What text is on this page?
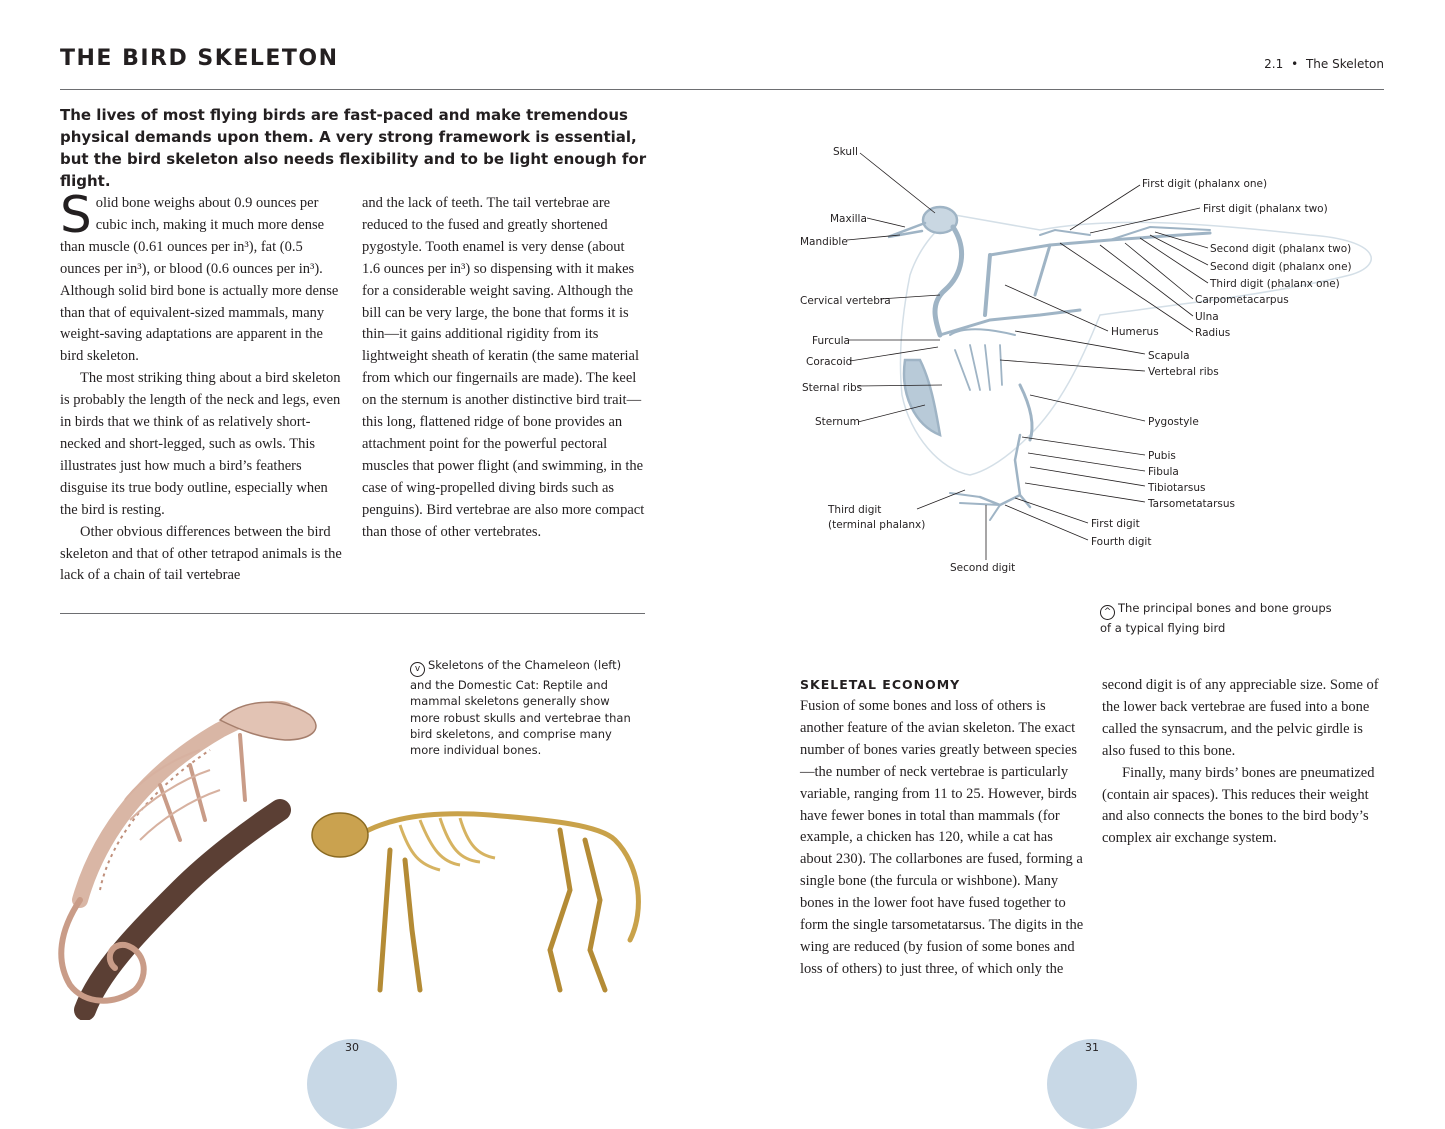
THE BIRD SKELETON	2.1 • The Skeleton

The lives of most flying birds are fast-paced and make tremendous physical demands upon them. A very strong framework is essential, but the bird skeleton also needs flexibility and to be light enough for flight.

Solid bone weighs about 0.9 ounces per cubic inch, making it much more dense than muscle (0.61 ounces per in³), fat (0.5 ounces per in³), or blood (0.6 ounces per in³). Although solid bird bone is actually more dense than that of equivalent-sized mammals, many weight-saving adaptations are apparent in the bird skeleton.

The most striking thing about a bird skeleton is probably the length of the neck and legs, even in birds that we think of as relatively short-necked and short-legged, such as owls. This illustrates just how much a bird’s feathers disguise its true body outline, especially when the bird is resting.

Other obvious differences between the bird skeleton and that of other tetrapod animals is the lack of a chain of tail vertebrae

and the lack of teeth. The tail vertebrae are reduced to the fused and greatly shortened pygostyle. Tooth enamel is very dense (about 1.6 ounces per in³) so dispensing with it makes for a considerable weight saving. Although the bill can be very large, the bone that forms it is thin—it gains additional rigidity from its lightweight sheath of keratin (the same material from which our fingernails are made). The keel on the sternum is another distinctive bird trait—this long, flattened ridge of bone provides an attachment point for the powerful pectoral muscles that power flight (and swimming, in the case of wing-propelled diving birds such as penguins). Bird vertebrae are also more compact than those of other vertebrates.

Skull
Maxilla
Mandible
Cervical vertebra
Furcula
Coracoid
Sternal ribs
Sternum
Third digit
(terminal phalanx)
Second digit
First digit (phalanx one)
First digit (phalanx two)
Second digit (phalanx two)
Second digit (phalanx one)
Third digit (phalanx one)
Carpometacarpus
Ulna
Humerus	Radius
Scapula
Vertebral ribs
Pygostyle
Pubis
Fibula
Tibiotarsus
Tarsometatarsus
First digit
Fourth digit

^ The principal bones and bone groups of a typical flying bird

v Skeletons of the Chameleon (left) and the Domestic Cat: Reptile and mammal skeletons generally show more robust skulls and vertebrae than bird skeletons, and comprise many more individual bones.

SKELETAL ECONOMY

Fusion of some bones and loss of others is another feature of the avian skeleton. The exact number of bones varies greatly between species—the number of neck vertebrae is particularly variable, ranging from 11 to 25. However, birds have fewer bones in total than mammals (for example, a chicken has 120, while a cat has about 230). The collarbones are fused, forming a single bone (the furcula or wishbone). Many bones in the lower foot have fused together to form the single tarsometatarsus. The digits in the wing are reduced (by fusion of some bones and loss of others) to just three, of which only the

second digit is of any appreciable size. Some of the lower back vertebrae are fused into a bone called the synsacrum, and the pelvic girdle is also fused to this bone.

Finally, many birds’ bones are pneumatized (contain air spaces). This reduces their weight and also connects the bones to the bird body’s complex air exchange system.

30	31
